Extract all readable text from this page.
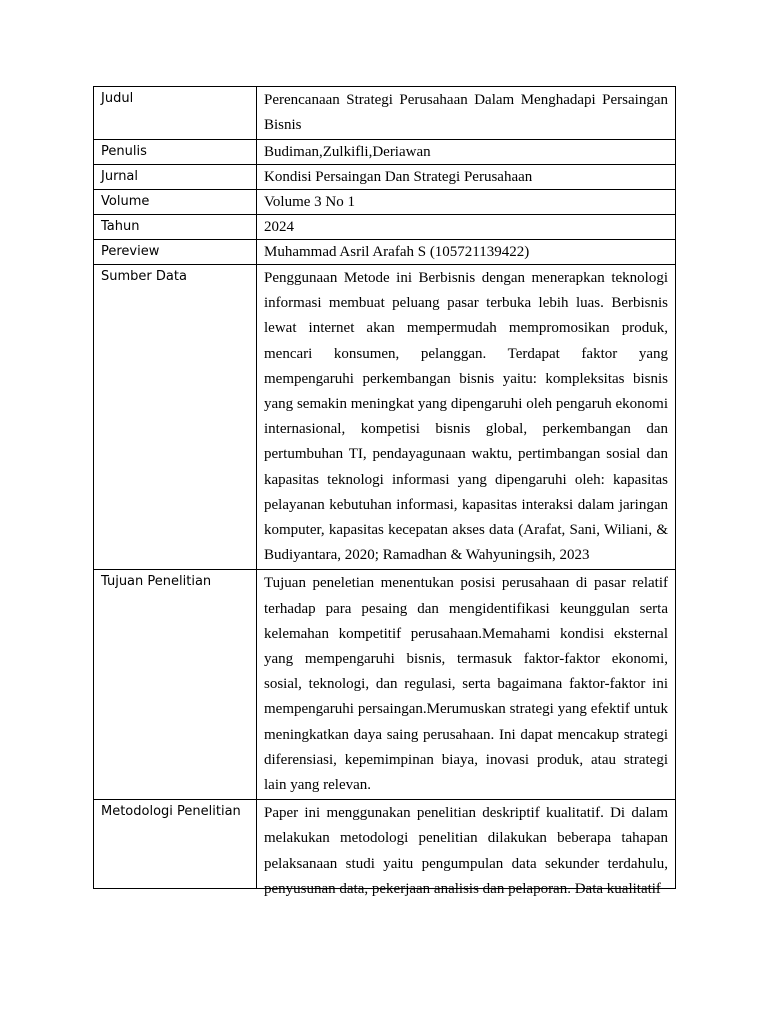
Judul	Perencanaan Strategi Perusahaan Dalam Menghadapi Persaingan Bisnis
Penulis	Budiman,Zulkifli,Deriawan
Jurnal	Kondisi Persaingan Dan Strategi Perusahaan
Volume	Volume 3 No 1
Tahun	2024
Pereview	Muhammad Asril Arafah S (105721139422)
Sumber Data	Penggunaan Metode ini Berbisnis dengan menerapkan teknologi informasi membuat peluang pasar terbuka lebih luas. Berbisnis lewat internet akan mempermudah mempromosikan produk, mencari konsumen, pelanggan. Terdapat faktor yang mempengaruhi perkembangan bisnis yaitu: kompleksitas bisnis yang semakin meningkat yang dipengaruhi oleh pengaruh ekonomi internasional, kompetisi bisnis global, perkembangan dan pertumbuhan TI, pendayagunaan waktu, pertimbangan sosial dan kapasitas teknologi informasi yang dipengaruhi oleh: kapasitas pelayanan kebutuhan informasi, kapasitas interaksi dalam jaringan komputer, kapasitas kecepatan akses data (Arafat, Sani, Wiliani, & Budiyantara, 2020; Ramadhan & Wahyuningsih, 2023
Tujuan Penelitian	Tujuan peneletian menentukan posisi perusahaan di pasar relatif terhadap para pesaing dan mengidentifikasi keunggulan serta kelemahan kompetitif perusahaan.Memahami kondisi eksternal yang mempengaruhi bisnis, termasuk faktor-faktor ekonomi, sosial, teknologi, dan regulasi, serta bagaimana faktor-faktor ini mempengaruhi persaingan.Merumuskan strategi yang efektif untuk meningkatkan daya saing perusahaan. Ini dapat mencakup strategi diferensiasi, kepemimpinan biaya, inovasi produk, atau strategi lain yang relevan.
Metodologi Penelitian	Paper ini menggunakan penelitian deskriptif kualitatif. Di dalam melakukan metodologi penelitian dilakukan beberapa tahapan pelaksanaan studi yaitu pengumpulan data sekunder terdahulu, penyusunan data, pekerjaan analisis dan pelaporan. Data kualitatif
